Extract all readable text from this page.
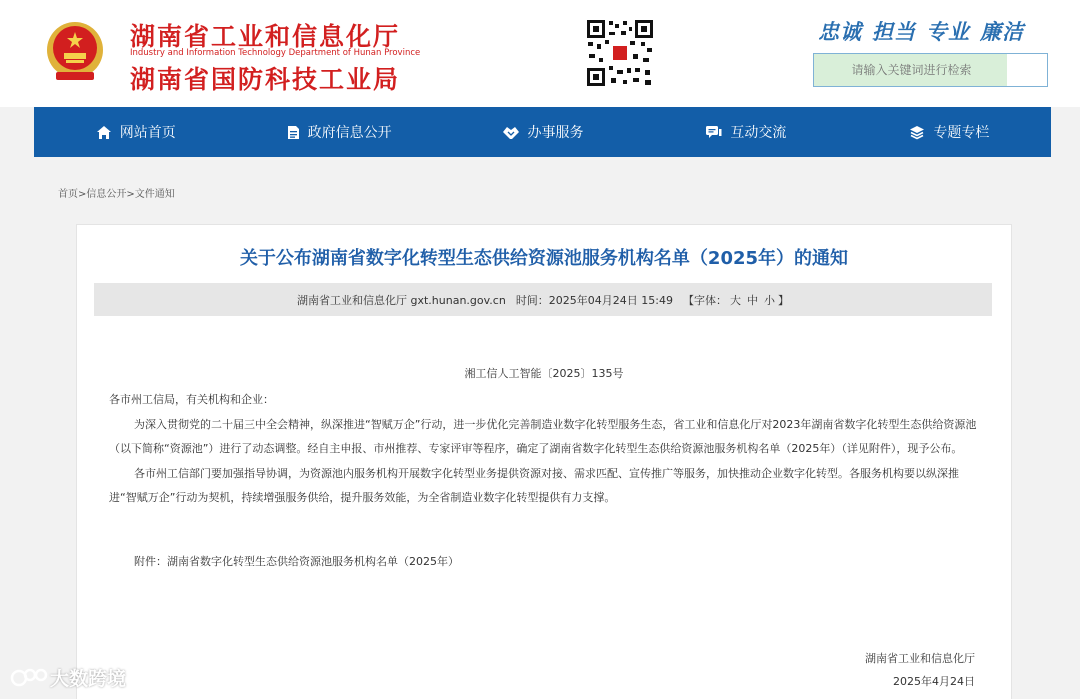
湖南省工业和信息化厅
Industry and Information Technology Department of Hunan Province
湖南省国防科技工业局
忠诚 担当 专业 廉洁
请输入关键词进行检索
网站首页	政府信息公开	办事服务	互动交流	专题专栏
首页>信息公开>文件通知
关于公布湖南省数字化转型生态供给资源池服务机构名单（2025年）的通知
湖南省工业和信息化厅 gxt.hunan.gov.cn 时间：2025年04月24日 15:49 【字体： 大 中 小 】
湘工信人工智能〔2025〕135号

各市州工信局，有关机构和企业：

为深入贯彻党的二十届三中全会精神，纵深推进“智赋万企”行动，进一步优化完善制造业数字化转型服务生态，省工业和信息化厅对2023年湖南省数字化转型生态供给资源池（以下简称“资源池”）进行了动态调整。经自主申报、市州推荐、专家评审等程序，确定了湖南省数字化转型生态供给资源池服务机构名单（2025年）（详见附件），现予公布。

各市州工信部门要加强指导协调，为资源池内服务机构开展数字化转型业务提供资源对接、需求匹配、宣传推广等服务，加快推动企业数字化转型。各服务机构要以纵深推进“智赋万企”行动为契机，持续增强服务供给，提升服务效能，为全省制造业数字化转型提供有力支撑。

附件：湖南省数字化转型生态供给资源池服务机构名单（2025年）
湖南省工业和信息化厅
2025年4月24日
大数跨境
